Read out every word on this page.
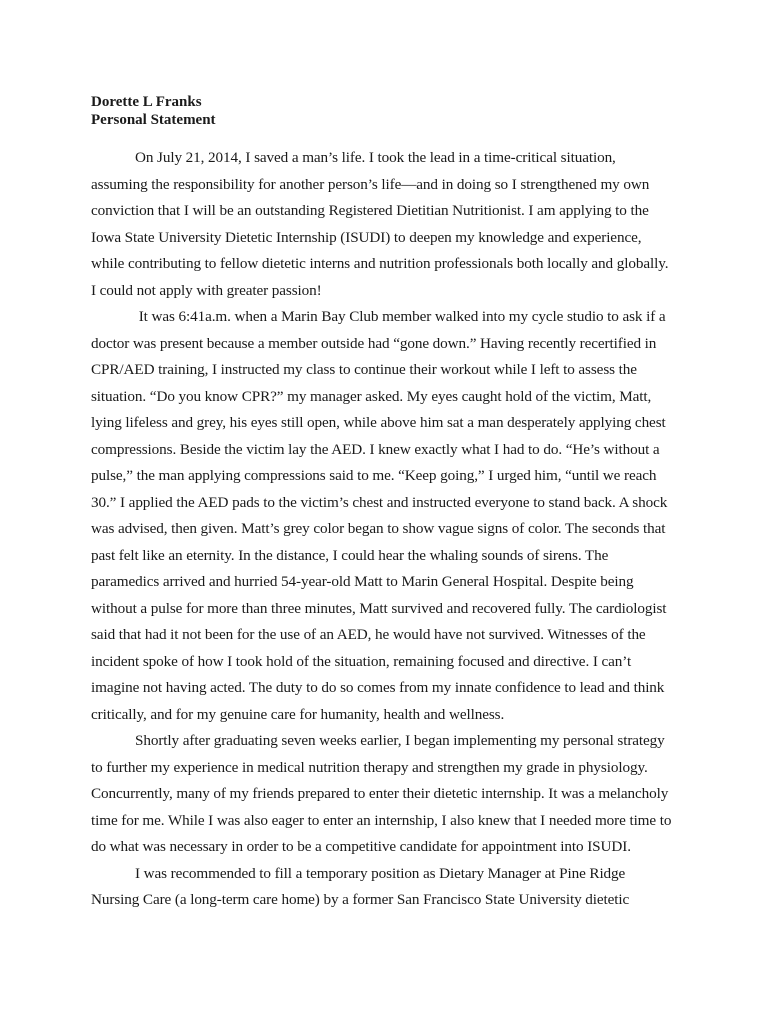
Dorette L Franks
Personal Statement
On July 21, 2014, I saved a man’s life. I took the lead in a time-critical situation,
assuming the responsibility for another person’s life—and in doing so I strengthened my own
conviction that I will be an outstanding Registered Dietitian Nutritionist. I am applying to the
Iowa State University Dietetic Internship (ISUDI) to deepen my knowledge and experience,
while contributing to fellow dietetic interns and nutrition professionals both locally and globally.
I could not apply with greater passion!
It was 6:41a.m. when a Marin Bay Club member walked into my cycle studio to ask if a
doctor was present because a member outside had “gone down.” Having recently recertified in
CPR/AED training, I instructed my class to continue their workout while I left to assess the
situation. “Do you know CPR?” my manager asked. My eyes caught hold of the victim, Matt,
lying lifeless and grey, his eyes still open, while above him sat a man desperately applying chest
compressions. Beside the victim lay the AED. I knew exactly what I had to do. “He’s without a
pulse,” the man applying compressions said to me. “Keep going,” I urged him, “until we reach
30.” I applied the AED pads to the victim’s chest and instructed everyone to stand back. A shock
was advised, then given. Matt’s grey color began to show vague signs of color. The seconds that
past felt like an eternity. In the distance, I could hear the whaling sounds of sirens. The
paramedics arrived and hurried 54-year-old Matt to Marin General Hospital. Despite being
without a pulse for more than three minutes, Matt survived and recovered fully. The cardiologist
said that had it not been for the use of an AED, he would have not survived. Witnesses of the
incident spoke of how I took hold of the situation, remaining focused and directive. I can’t
imagine not having acted. The duty to do so comes from my innate confidence to lead and think
critically, and for my genuine care for humanity, health and wellness.
Shortly after graduating seven weeks earlier, I began implementing my personal strategy
to further my experience in medical nutrition therapy and strengthen my grade in physiology.
Concurrently, many of my friends prepared to enter their dietetic internship. It was a melancholy
time for me. While I was also eager to enter an internship, I also knew that I needed more time to
do what was necessary in order to be a competitive candidate for appointment into ISUDI.
I was recommended to fill a temporary position as Dietary Manager at Pine Ridge
Nursing Care (a long-term care home) by a former San Francisco State University dietetic
